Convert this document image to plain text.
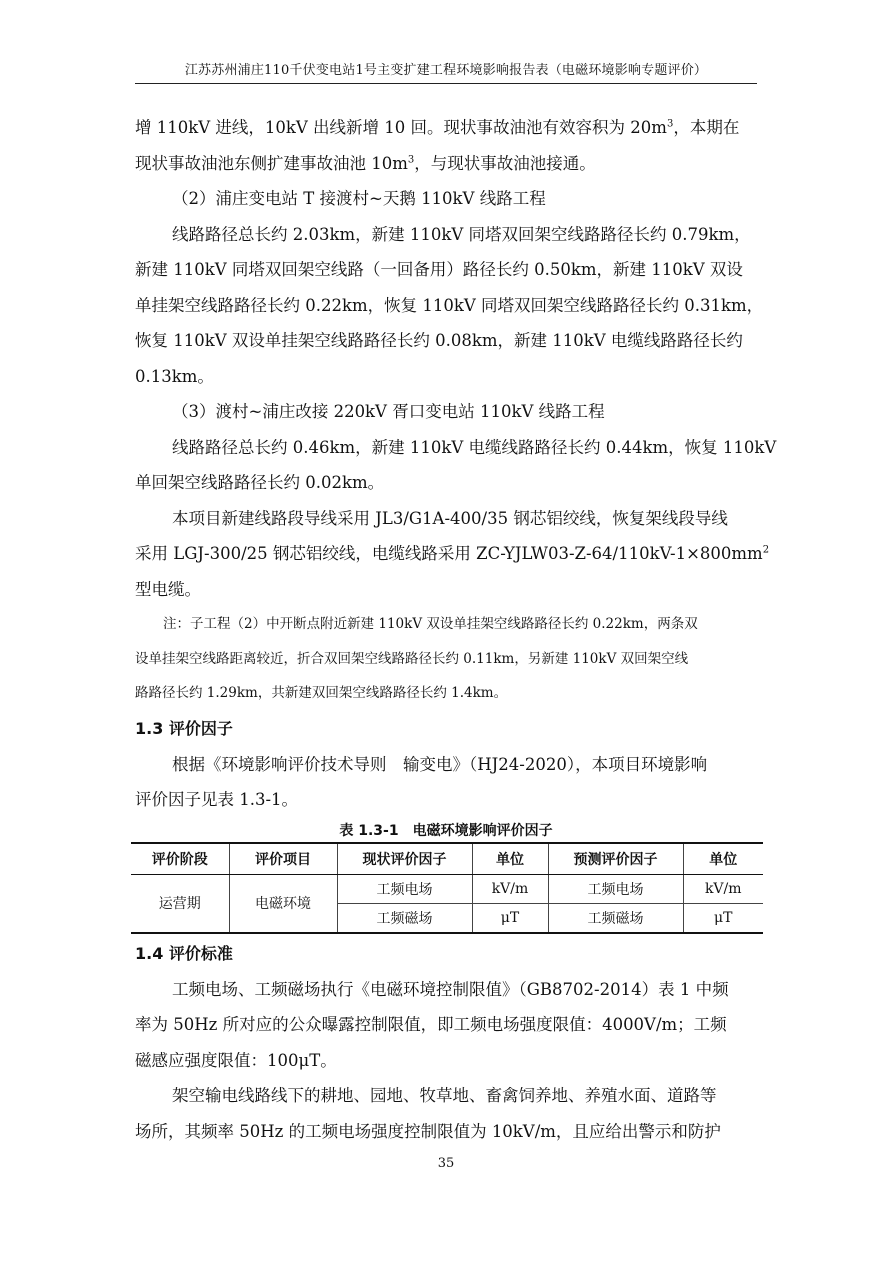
江苏苏州浦庄110千伏变电站1号主变扩建工程环境影响报告表（电磁环境影响专题评价）

增 110kV 进线，10kV 出线新增 10 回。现状事故油池有效容积为 $20m^3$，本期在

现状事故油池东侧扩建事故油池 $10m^3$，与现状事故油池接通。

（2）浦庄变电站 T 接渡村~天鹅 110kV 线路工程

线路路径总长约 2.03km，新建 110kV 同塔双回架空线路路径长约 0.79km，

新建 110kV 同塔双回架空线路（一回备用）路径长约 0.50km，新建 110kV 双设

单挂架空线路路径长约 0.22km，恢复 110kV 同塔双回架空线路路径长约 0.31km，

恢复 110kV 双设单挂架空线路路径长约 0.08km，新建 110kV 电缆线路路径长约

0.13km。

（3）渡村~浦庄改接 220kV 胥口变电站 110kV 线路工程

线路路径总长约 0.46km，新建 110kV 电缆线路路径长约 0.44km，恢复 110kV

单回架空线路路径长约 0.02km。

本项目新建线路段导线采用 JL3/G1A-400/35 钢芯铝绞线，恢复架线段导线

采用 LGJ-300/25 钢芯铝绞线，电缆线路采用 $ZC-YJLW03-Z-64/110kV-1\times 800mm^2$

型电缆。

注：子工程（2）中开断点附近新建 110kV 双设单挂架空线路路径长约 0.22km，两条双

设单挂架空线路距离较近，折合双回架空线路路径长约 0.11km，另新建 110kV 双回架空线

路路径长约 1.29km，共新建双回架空线路路径长约 1.4km。

1.3 评价因子

根据《环境影响评价技术导则　输变电》（HJ24-2020），本项目环境影响

评价因子见表 1.3-1。

表 1.3-1　电磁环境影响评价因子
评价阶段	评价项目	现状评价因子	单位	预测评价因子	单位
运营期	电磁环境	工频电场	kV/m	工频电场	kV/m
		工频磁场	μT	工频磁场	μT

1.4 评价标准

工频电场、工频磁场执行《电磁环境控制限值》（GB8702-2014）表 1 中频

率为 50Hz 所对应的公众曝露控制限值，即工频电场强度限值：4000V/m；工频

磁感应强度限值：100μT。

架空输电线路线下的耕地、园地、牧草地、畜禽饲养地、养殖水面、道路等

场所，其频率 50Hz 的工频电场强度控制限值为 10kV/m，且应给出警示和防护

35
